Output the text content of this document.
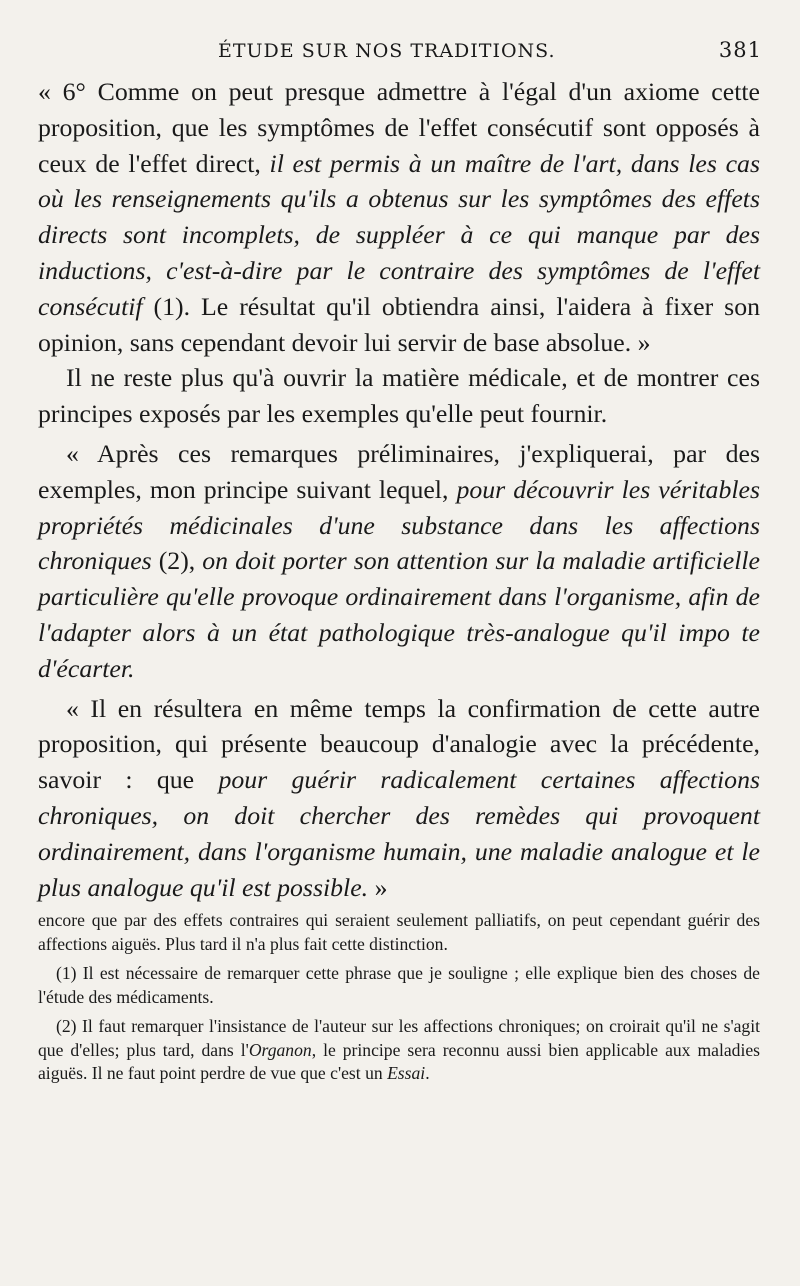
ÉTUDE SUR NOS TRADITIONS.	381

« 6° Comme on peut presque admettre à l'égal d'un axiome cette proposition, que les symptômes de l'effet consécutif sont opposés à ceux de l'effet direct, il est permis à un maître de l'art, dans les cas où les renseignements qu'ils a obtenus sur les symptômes des effets directs sont incomplets, de suppléer à ce qui manque par des inductions, c'est-à-dire par le contraire des symptômes de l'effet consécutif (1). Le résultat qu'il obtiendra ainsi, l'aidera à fixer son opinion, sans cependant devoir lui servir de base absolue. »

Il ne reste plus qu'à ouvrir la matière médicale, et de montrer ces principes exposés par les exemples qu'elle peut fournir.

« Après ces remarques préliminaires, j'expliquerai, par des exemples, mon principe suivant lequel, pour découvrir les véritables propriétés médicinales d'une substance dans les affections chroniques (2), on doit porter son attention sur la maladie artificielle particulière qu'elle provoque ordinairement dans l'organisme, afin de l'adapter alors à un état pathologique très-analogue qu'il impo te d'écarter.

« Il en résultera en même temps la confirmation de cette autre proposition, qui présente beaucoup d'analogie avec la précédente, savoir : que pour guérir radicalement certaines affections chroniques, on doit chercher des remèdes qui provoquent ordinairement, dans l'organisme humain, une maladie analogue et le plus analogue qu'il est possible. »

encore que par des effets contraires qui seraient seulement palliatifs, on peut cependant guérir des affections aiguës. Plus tard il n'a plus fait cette distinction.

(1) Il est nécessaire de remarquer cette phrase que je souligne ; elle explique bien des choses de l'étude des médicaments.

(2) Il faut remarquer l'insistance de l'auteur sur les affections chroniques; on croirait qu'il ne s'agit que d'elles; plus tard, dans l'Organon, le principe sera reconnu aussi bien applicable aux maladies aiguës. Il ne faut point perdre de vue que c'est un Essai.
